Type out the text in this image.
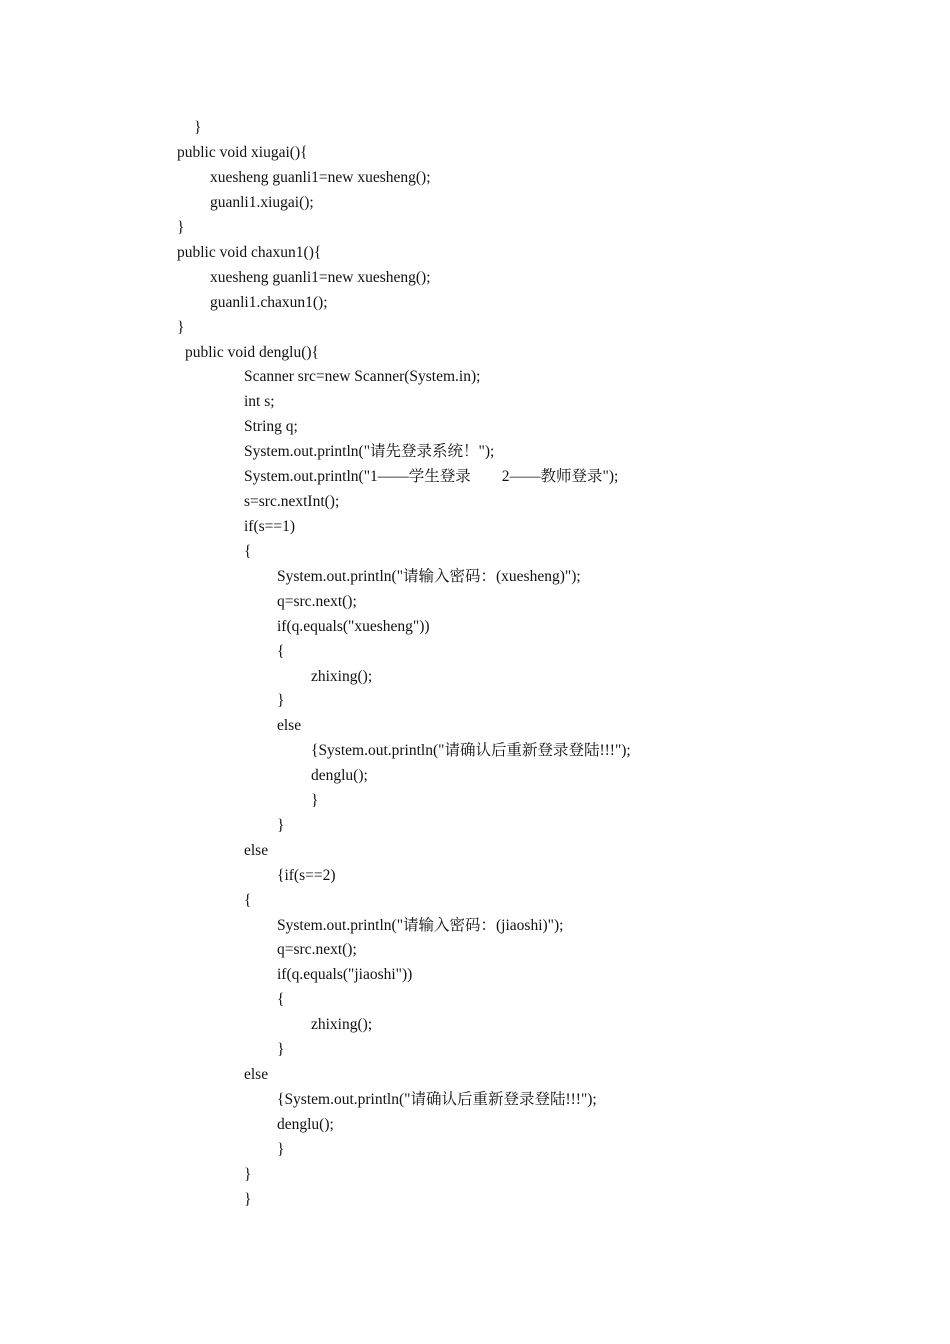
}

public void xiugai(){

xuesheng guanli1=new xuesheng();

guanli1.xiugai();

}

public void chaxun1(){

xuesheng guanli1=new xuesheng();

guanli1.chaxun1();

}

public void denglu(){

Scanner src=new Scanner(System.in);

int s;

String q;

System.out.println("请先登录系统！");

System.out.println("1——学生登录        2——教师登录");

s=src.nextInt();

if(s==1)

{

System.out.println("请输入密码：(xuesheng)");

q=src.next();

if(q.equals("xuesheng"))

{

zhixing();

}

else

{System.out.println("请确认后重新登录登陆!!!");

denglu();

}

}

else

{if(s==2)

{

System.out.println("请输入密码：(jiaoshi)");

q=src.next();

if(q.equals("jiaoshi"))

{

zhixing();

}

else

{System.out.println("请确认后重新登录登陆!!!");

denglu();

}

}

}
